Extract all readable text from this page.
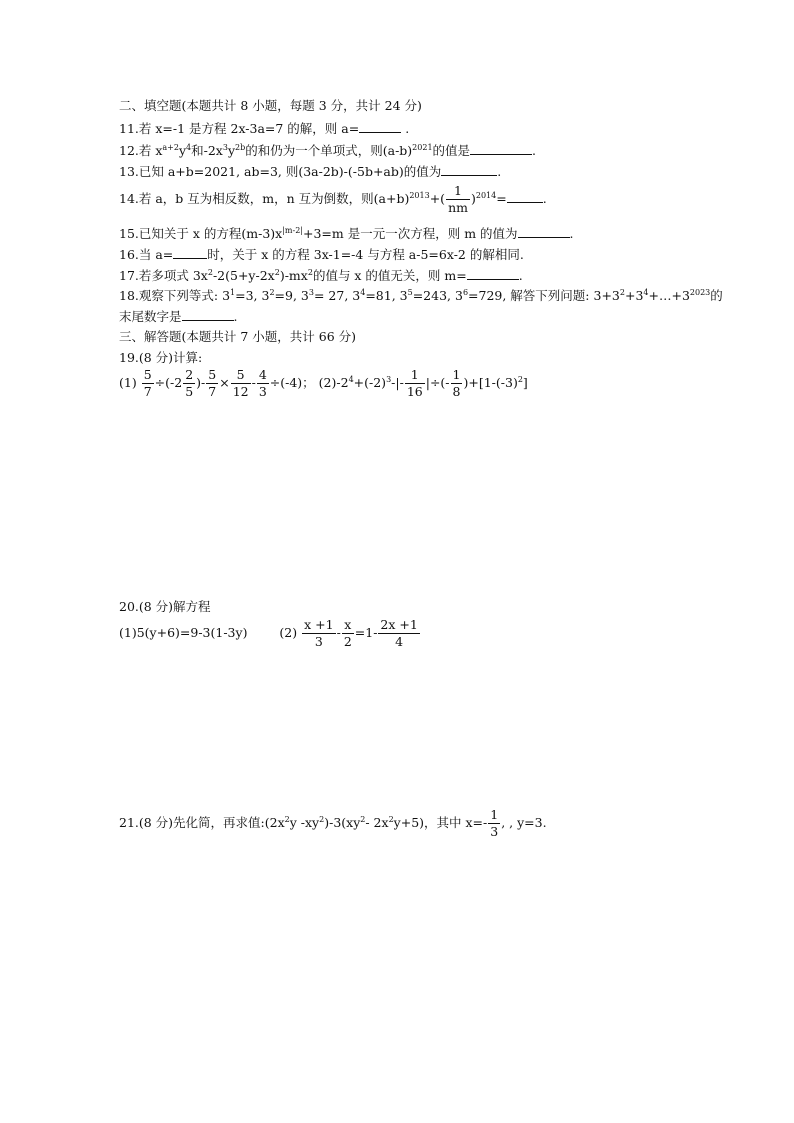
二、填空题(本题共计 8 小题，每题 3 分，共计 24 分)
11.若 x=-1 是方程 2x-3a=7 的解，则 a=	.
12.若 $x^{a+2}y^4$和$-2x^3y^{2b}$的和仍为一个单项式，则$(a-b)^{2021}$的值是	.
13.已知 a+b=2021, ab=3, 则(3a-2b)-(-5b+ab)的值为	.
14.若 a，b 互为相反数，m，n 互为倒数，则$(a+b)^{2013}+( \frac{1}{nm} )^{2014}=$	.
15.已知关于 x 的方程$(m-3)x^{|m-2|}+3=m$ 是一元一次方程，则 m 的值为	.
16.当 a=	时，关于 x 的方程 3x-1=-4 与方程 a-5=6x-2 的解相同.
17.若多项式 $3x^2-2(5+y-2x^2)-mx^2$的值与 x 的值无关，则 m=	.
18.观察下列等式: $3^1=3$, $3^2=9$, $3^3= 27$, $3^4=81$, $3^5=243$, $3^6=729$, 解答下列问题: $3+3^2+3^4+\dots+3^{2023}$的
末尾数字是	.
三、解答题(本题共计 7 小题，共计 66 分)
19.(8 分)计算:
$(1) \frac{5}{7} \div(-2 \frac{2}{5}$ )- $\frac{5}{7} \times \frac{5}{12} - \frac{4}{3} \div(-4)$； $(2)-2^4+(-2)^3-|- \frac{1}{16}$ |÷(- $\frac{1}{8} )+[1-(-3)^2]$
20.(8 分)解方程
(1)5(y+6)=9-3(1-3y)	$(2) \frac{x +1}{3} - \frac{x}{2} =1- \frac{2x +1}{4}$
21.(8 分)先化简，再求值$:(2x^2y$ $-xy^2)-3(xy^2-$ $2x^2y+5$)，其中 $x=- \frac{1}{3}$ , , y=3.
